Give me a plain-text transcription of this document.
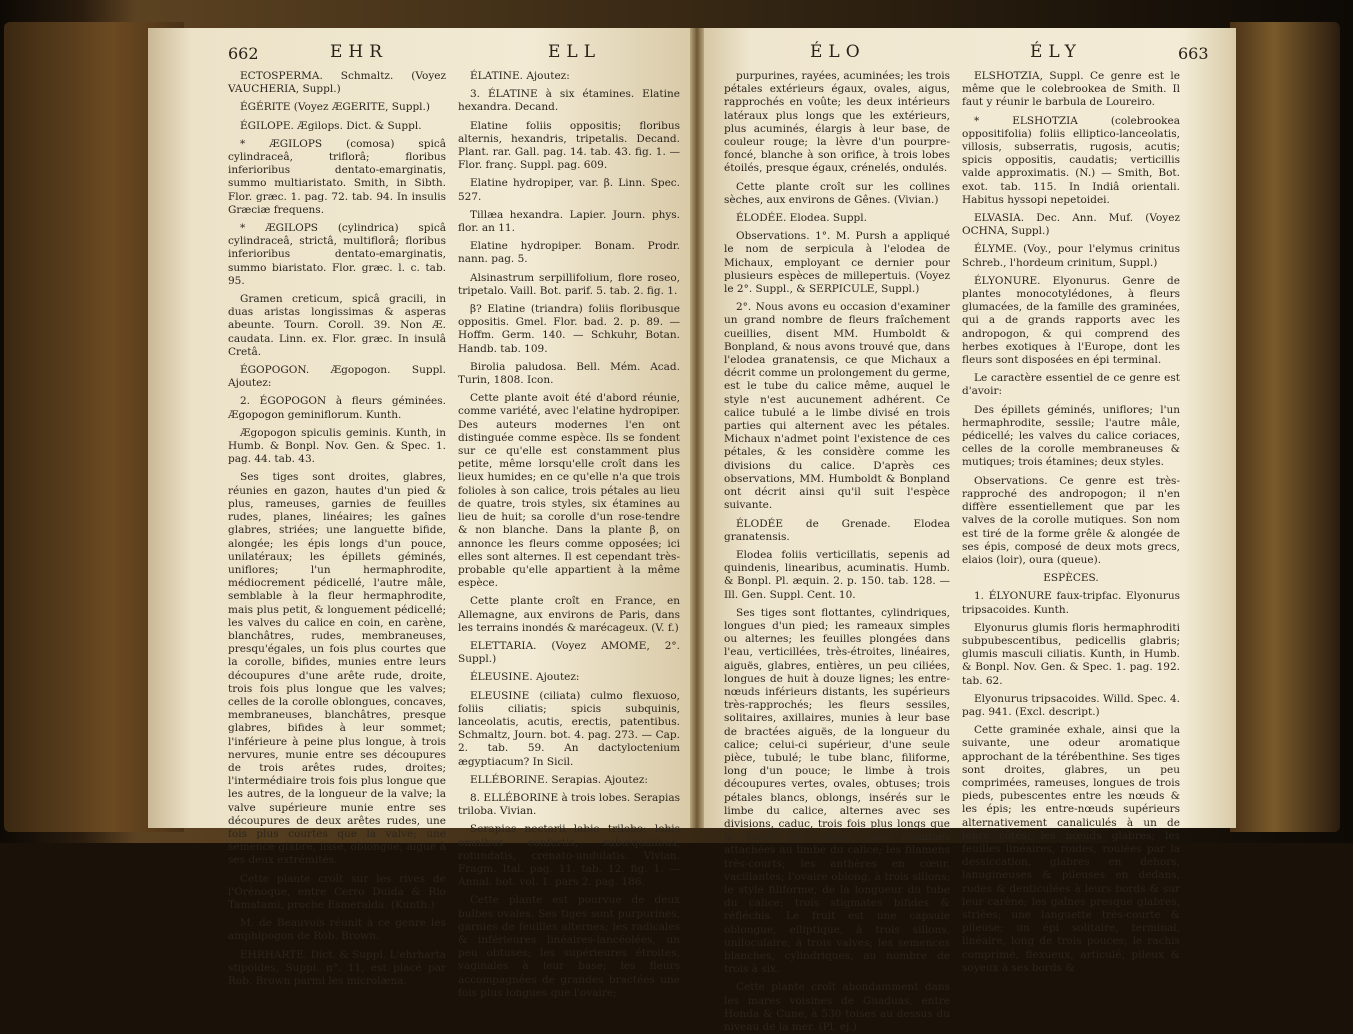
662	EHR	ELL	ÉLO	ÉLY	663

ECTOSPERMA. Schmaltz. (Voyez VAUCHERIA, Suppl.)

ÉGÉRITE (Voyez ÆGERITE, Suppl.)

ÉGILOPE. Ægilops. Dict. & Suppl.

* ÆGILOPS (comosa) spicâ cylindraceâ, triflorâ; floribus inferioribus dentato-emarginatis, summo multiaristato. Smith, in Sibth. Flor. græc. 1. pag. 72. tab. 94. In insulis Græciæ frequens.

* ÆGILOPS (cylindrica) spicâ cylindraceâ, strictâ, multiflorâ; floribus inferioribus dentato-emarginatis, summo biaristato. Flor. græc. l. c. tab. 95.

Gramen creticum, spicâ gracili, in duas aristas longissimas & asperas abeunte. Tourn. Coroll. 39. Non Æ. caudata. Linn. ex. Flor. græc. In insulâ Cretâ.

ÉGOPOGON. Ægopogon. Suppl. Ajoutez:

2. ÉGOPOGON à fleurs géminées. Ægopogon geminiflorum. Kunth.

Ægopogon spiculis geminis. Kunth, in Humb. & Bonpl. Nov. Gen. & Spec. 1. pag. 44. tab. 43.

Ses tiges sont droites, glabres, réunies en gazon, hautes d'un pied & plus, rameuses, garnies de feuilles rudes, planes, linéaires; les gaînes glabres, striées; une languette bifide, alongée; les épis longs d'un pouce, unilatéraux; les épillets géminés, uniflores; l'un hermaphrodite, médiocrement pédicellé, l'autre mâle, semblable à la fleur hermaphrodite, mais plus petit, & longuement pédicellé; les valves du calice en coin, en carène, blanchâtres, rudes, membraneuses, presqu'égales, un fois plus courtes que la corolle, bifides, munies entre leurs découpures d'une arête rude, droite, trois fois plus longue que les valves; celles de la corolle oblongues, concaves, membraneuses, blanchâtres, presque glabres, bifides à leur sommet; l'inférieure à peine plus longue, à trois nervures, munie entre ses découpures de trois arêtes rudes, droites; l'intermédiaire trois fois plus longue que les autres, de la longueur de la valve; la valve supérieure munie entre ses découpures de deux arêtes rudes, une fois plus courtes que la valve; une semence glabre, lisse, oblongue, aiguë à ses deux extrémités.

Cette plante croît sur les rives de l'Orénoque, entre Cerro Duida & Rio Tamatami, proche Esmeralda. (Kunth.)

M. de Beauvois réunit à ce genre les amphipogon de Rob. Brown.

EHRHARTE. Dict. & Suppl. L'ehrharta stipoides, Suppl. n°. 11, est placé par Rob. Brown parmi les microlæna.

ÉLATINE. Ajoutez:

3. ÉLATINE à six étamines. Elatine hexandra. Decand.

Elatine foliis oppositis; floribus alternis, hexandris, tripetalis. Decand. Plant. rar. Gall. pag. 14. tab. 43. fig. 1. — Flor. franç. Suppl. pag. 609.

Elatine hydropiper, var. β. Linn. Spec. 527.

Tillæa hexandra. Lapier. Journ. phys. flor. an 11.

Elatine hydropiper. Bonam. Prodr. nann. pag. 5.

Alsinastrum serpillifolium, flore roseo, tripetalo. Vaill. Bot. parif. 5. tab. 2. fig. 1.

β? Elatine (triandra) foliis floribusque oppositis. Gmel. Flor. bad. 2. p. 89. — Hoffm. Germ. 140. — Schkuhr, Botan. Handb. tab. 109.

Birolia paludosa. Bell. Mém. Acad. Turin, 1808. Icon.

Cette plante avoit été d'abord réunie, comme variété, avec l'elatine hydropiper. Des auteurs modernes l'en ont distinguée comme espèce. Ils se fondent sur ce qu'elle est constamment plus petite, même lorsqu'elle croît dans les lieux humides; en ce qu'elle n'a que trois folioles à son calice, trois pétales au lieu de quatre, trois styles, six étamines au lieu de huit; sa corolle d'un rose-tendre & non blanche. Dans la plante β, on annonce les fleurs comme opposées; ici elles sont alternes. Il est cependant très-probable qu'elle appartient à la même espèce.

Cette plante croît en France, en Allemagne, aux environs de Paris, dans les terrains inondés & marécageux. (V. f.)

ELETTARIA. (Voyez AMOME, 2°. Suppl.)

ÉLEUSINE. Ajoutez:

ELEUSINE (ciliata) culmo flexuoso, foliis ciliatis; spicis subquinis, lanceolatis, acutis, erectis, patentibus. Schmaltz, Journ. bot. 4. pag. 273. — Cap. 2. tab. 59. An dactyloctenium ægyptiacum? In Sicil.

ELLÉBORINE. Serapias. Ajoutez:

8. ELLÉBORINE à trois lobes. Serapias triloba. Vivian.

Serapias nectarii labio trilobo; lobis omnibus confertis, subæqualibus, rotundatis, crenato-undulatis. Vivian. Fragm. Ital. pag. 11. tab. 12. fig. 1. — Annal. bot. vol. 1. pars 2. pag. 186.

Cette plante est pourvue de deux bulbes ovales. Ses tiges sont purpurines, garnies de feuilles alternes; les radicales & inférieures linéaires-lancéolées, un peu obtuses; les supérieures étroites, vaginales à leur base; les fleurs accompagnées de grandes bractées une fois plus longues que l'ovaire;

purpurines, rayées, acuminées; les trois pétales extérieurs égaux, ovales, aigus, rapprochés en voûte; les deux intérieurs latéraux plus longs que les extérieurs, plus acuminés, élargis à leur base, de couleur rouge; la lèvre d'un pourpre-foncé, blanche à son orifice, à trois lobes étoilés, presque égaux, crénelés, ondulés.

Cette plante croît sur les collines sèches, aux environs de Gênes. (Vivian.)

ÉLODÉE. Elodea. Suppl.

Observations. 1°. M. Pursh a appliqué le nom de serpicula à l'elodea de Michaux, employant ce dernier pour plusieurs espèces de millepertuis. (Voyez le 2°. Suppl., & SERPICULE, Suppl.)

2°. Nous avons eu occasion d'examiner un grand nombre de fleurs fraîchement cueillies, disent MM. Humboldt & Bonpland, & nous avons trouvé que, dans l'elodea granatensis, ce que Michaux a décrit comme un prolongement du germe, est le tube du calice même, auquel le style n'est aucunement adhérent. Ce calice tubulé a le limbe divisé en trois parties qui alternent avec les pétales. Michaux n'admet point l'existence de ces pétales, & les considère comme les divisions du calice. D'après ces observations, MM. Humboldt & Bonpland ont décrit ainsi qu'il suit l'espèce suivante.

ÉLODÉE de Grenade. Elodea granatensis.

Elodea foliis verticillatis, sepenis ad quindenis, linearibus, acuminatis. Humb. & Bonpl. Pl. æquin. 2. p. 150. tab. 128. — Ill. Gen. Suppl. Cent. 10.

Ses tiges sont flottantes, cylindriques, longues d'un pied; les rameaux simples ou alternes; les feuilles plongées dans l'eau, verticillées, très-étroites, linéaires, aiguës, glabres, entières, un peu ciliées, longues de huit à douze lignes; les entre-nœuds inférieurs distants, les supérieurs très-rapprochés; les fleurs sessiles, solitaires, axillaires, munies à leur base de bractées aiguës, de la longueur du calice; celui-ci supérieur, d'une seule pièce, tubulé; le tube blanc, filiforme, long d'un pouce; le limbe à trois découpures vertes, ovales, obtuses; trois pétales blancs, oblongs, insérés sur le limbe du calice, alternes avec ses divisions, caduc, trois fois plus longs que le limbe du calice; trois étamines attachées au limbe du calice; les filamens très-courts; les anthères en cœur, vacillantes; l'ovaire oblong, à trois sillons; le style filiforme, de la longueur du tube du calice; trois stigmates bifides & réfléchis. Le fruit est une capsule oblongue, elliptique, à trois sillons, uniloculaire, à trois valves; les semences blanches, cylindriques, au nombre de trois à six.

Cette plante croît abondamment dans les mares voisines de Guaduas, entre Honda & Cune, à 530 toises au dessus du niveau de la mer. (Pl. ej.)

ELSHOTZIA, Suppl. Ce genre est le même que le colebrookea de Smith. Il faut y réunir le barbula de Loureiro.

* ELSHOTZIA (colebrookea oppositifolia) foliis elliptico-lanceolatis, villosis, subserratis, rugosis, acutis; spicis oppositis, caudatis; verticillis valde approximatis. (N.) — Smith, Bot. exot. tab. 115. In Indiâ orientali. Habitus hyssopi nepetoidei.

ELVASIA. Dec. Ann. Muf. (Voyez OCHNA, Suppl.)

ÉLYME. (Voy., pour l'elymus crinitus Schreb., l'hordeum crinitum, Suppl.)

ÉLYONURE. Elyonurus. Genre de plantes monocotylédones, à fleurs glumacées, de la famille des graminées, qui a de grands rapports avec les andropogon, & qui comprend des herbes exotiques à l'Europe, dont les fleurs sont disposées en épi terminal.

Le caractère essentiel de ce genre est d'avoir:

Des épillets géminés, uniflores; l'un hermaphrodite, sessile; l'autre mâle, pédicellé; les valves du calice coriaces, celles de la corolle membraneuses & mutiques; trois étamines; deux styles.

Observations. Ce genre est très-rapproché des andropogon; il n'en diffère essentiellement que par les valves de la corolle mutiques. Son nom est tiré de la forme grêle & alongée de ses épis, composé de deux mots grecs, elaios (loir), oura (queue).

ESPÈCES.

1. ÉLYONURE faux-tripfac. Elyonurus tripsacoides. Kunth.

Elyonurus glumis floris hermaphroditi subpubescentibus, pedicellis glabris; glumis masculi ciliatis. Kunth, in Humb. & Bonpl. Nov. Gen. & Spec. 1. pag. 192. tab. 62.

Elyonurus tripsacoides. Willd. Spec. 4. pag. 941. (Excl. descript.)

Cette graminée exhale, ainsi que la suivante, une odeur aromatique approchant de la térébenthine. Ses tiges sont droites, glabres, un peu comprimées, rameuses, longues de trois pieds, pubescentes entre les nœuds & les épis; les entre-nœuds supérieurs alternativement canaliculés à un de leurs côtés; les nœuds glabres; les feuilles linéaires, roides, roulées par la dessiccation, glabres en dehors, lanugineuses & pileuses en dedans, rudes & denticulées à leurs bords & sur leur carène; les gaînes presque glabres, striées; une languette très-courte & pileuse; un épi solitaire, terminal, linéaire, long de trois pouces; le rachis comprimé, flexueux, articulé, pileux & soyeux à ses bords &
